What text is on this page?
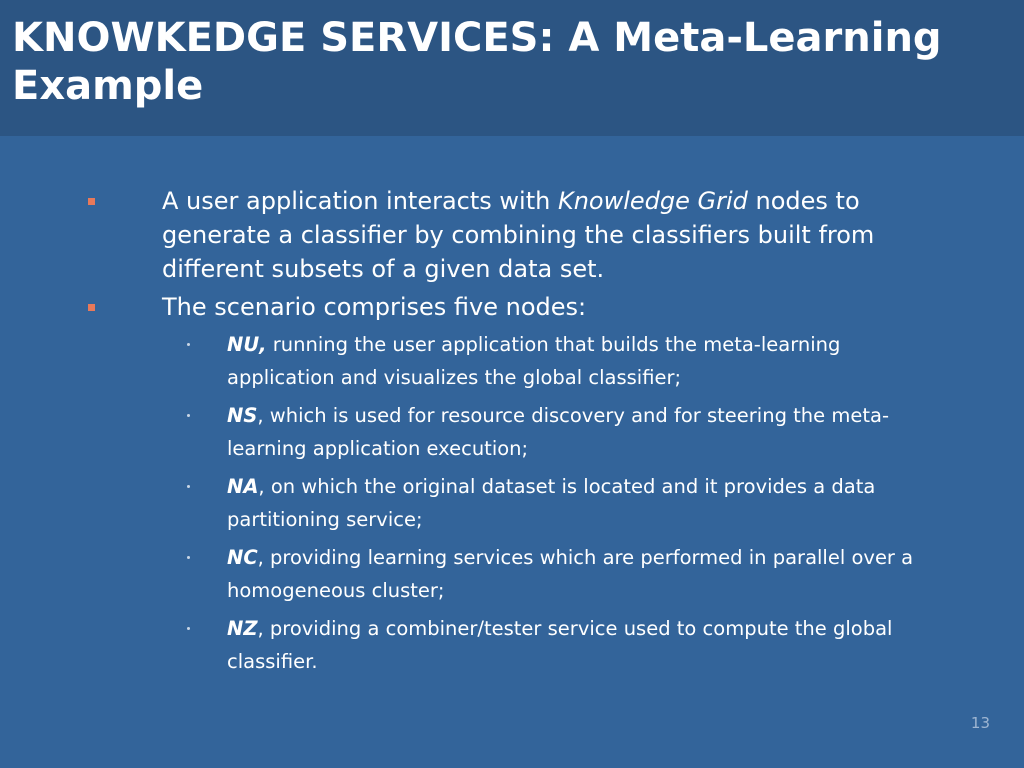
KNOWKEDGE SERVICES: A Meta-Learning Example
A user application interacts with Knowledge Grid nodes to generate a classifier by combining the classifiers built from different subsets of a given data set.
The scenario comprises five nodes:
NU, running the user application that builds the meta-learning application and visualizes the global classifier;
NS, which is used for resource discovery and for steering the meta-learning application execution;
NA, on which the original dataset is located and it provides a data partitioning service;
NC, providing learning services which are performed in parallel over a homogeneous cluster;
NZ, providing a combiner/tester service used to compute the global classifier.
13
